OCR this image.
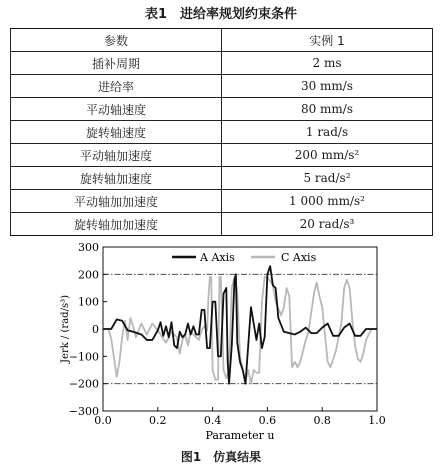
表1　进给率规划约束条件
参数	实例 1
插补周期	2 ms
进给率	30 mm/s
平动轴速度	80 mm/s
旋转轴速度	1 rad/s
平动轴加速度	200 mm/s²
旋转轴加速度	5 rad/s²
平动轴加加速度	1 000 mm/s²
旋转轴加加速度	20 rad/s³
0.0	0.2	0.4	0.6	0.8	1.0
300
200
100
0
−100
−200
−300
A Axis	C Axis
Parameter u
Jerk / (rad/s³)
图1　仿真结果
